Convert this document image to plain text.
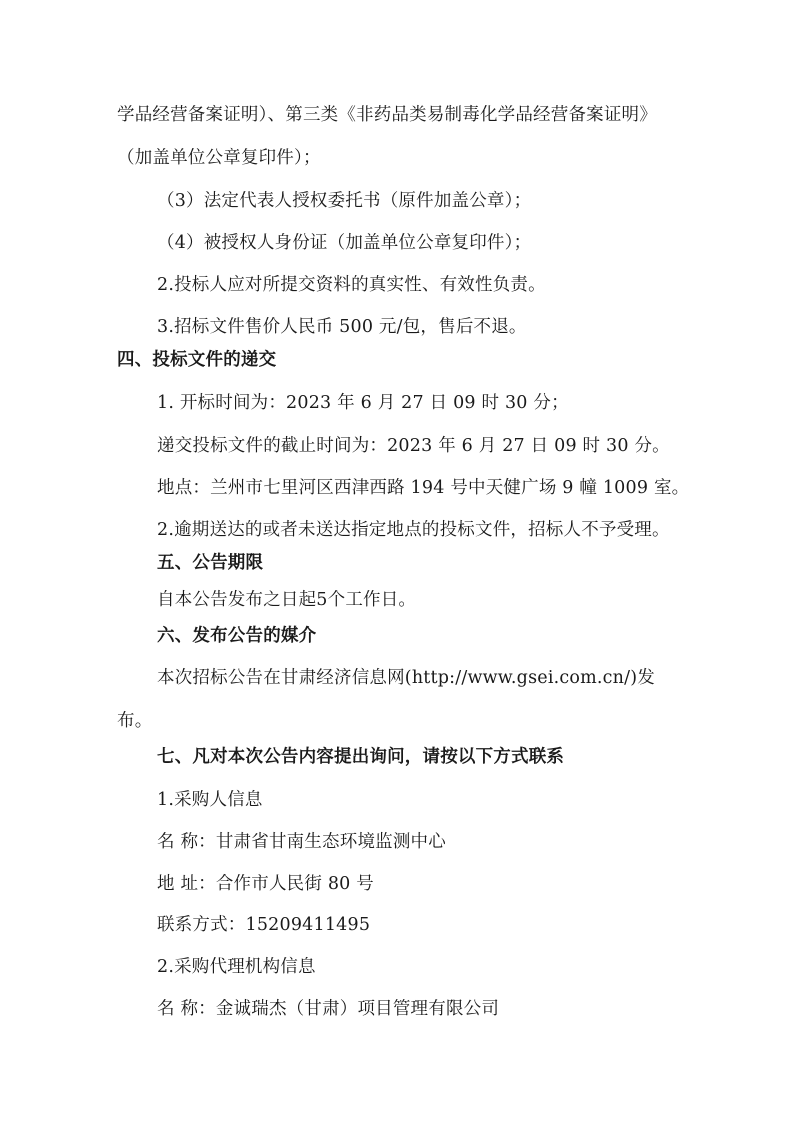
学品经营备案证明）、第三类《非药品类易制毒化学品经营备案证明》
（加盖单位公章复印件）；
（3）法定代表人授权委托书（原件加盖公章）；
（4）被授权人身份证（加盖单位公章复印件）；
2.投标人应对所提交资料的真实性、有效性负责。
3.招标文件售价人民币 500 元/包，售后不退。
四、投标文件的递交
1. 开标时间为：2023 年 6 月 27 日 09 时 30 分；
递交投标文件的截止时间为：2023 年 6 月 27 日 09 时 30 分。
地点：兰州市七里河区西津西路 194 号中天健广场 9 幢 1009 室。
2.逾期送达的或者未送达指定地点的投标文件，招标人不予受理。
五、公告期限
自本公告发布之日起5个工作日。
六、发布公告的媒介
本次招标公告在甘肃经济信息网(http://www.gsei.com.cn/)发
布。
七、凡对本次公告内容提出询问，请按以下方式联系
1.采购人信息
名 称：甘肃省甘南生态环境监测中心
地 址：合作市人民街 80 号
联系方式：15209411495
2.采购代理机构信息
名 称：金诚瑞杰（甘肃）项目管理有限公司
